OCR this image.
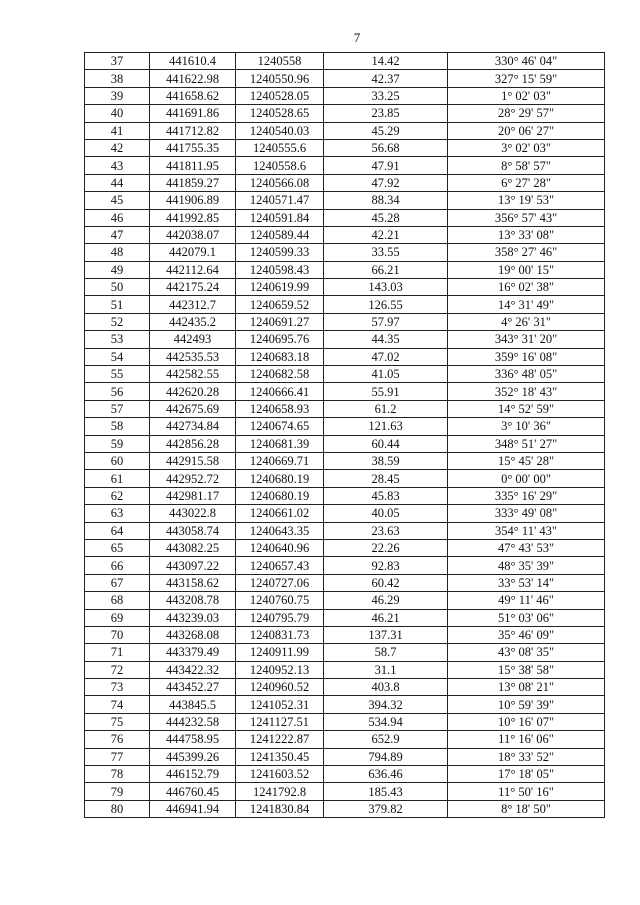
7
37	441610.4	1240558	14.42	330° 46' 04"
38	441622.98	1240550.96	42.37	327° 15' 59"
39	441658.62	1240528.05	33.25	1° 02' 03"
40	441691.86	1240528.65	23.85	28° 29' 57"
41	441712.82	1240540.03	45.29	20° 06' 27"
42	441755.35	1240555.6	56.68	3° 02' 03"
43	441811.95	1240558.6	47.91	8° 58' 57"
44	441859.27	1240566.08	47.92	6° 27' 28"
45	441906.89	1240571.47	88.34	13° 19' 53"
46	441992.85	1240591.84	45.28	356° 57' 43"
47	442038.07	1240589.44	42.21	13° 33' 08"
48	442079.1	1240599.33	33.55	358° 27' 46"
49	442112.64	1240598.43	66.21	19° 00' 15"
50	442175.24	1240619.99	143.03	16° 02' 38"
51	442312.7	1240659.52	126.55	14° 31' 49"
52	442435.2	1240691.27	57.97	4° 26' 31"
53	442493	1240695.76	44.35	343° 31' 20"
54	442535.53	1240683.18	47.02	359° 16' 08"
55	442582.55	1240682.58	41.05	336° 48' 05"
56	442620.28	1240666.41	55.91	352° 18' 43"
57	442675.69	1240658.93	61.2	14° 52' 59"
58	442734.84	1240674.65	121.63	3° 10' 36"
59	442856.28	1240681.39	60.44	348° 51' 27"
60	442915.58	1240669.71	38.59	15° 45' 28"
61	442952.72	1240680.19	28.45	0° 00' 00"
62	442981.17	1240680.19	45.83	335° 16' 29"
63	443022.8	1240661.02	40.05	333° 49' 08"
64	443058.74	1240643.35	23.63	354° 11' 43"
65	443082.25	1240640.96	22.26	47° 43' 53"
66	443097.22	1240657.43	92.83	48° 35' 39"
67	443158.62	1240727.06	60.42	33° 53' 14"
68	443208.78	1240760.75	46.29	49° 11' 46"
69	443239.03	1240795.79	46.21	51° 03' 06"
70	443268.08	1240831.73	137.31	35° 46' 09"
71	443379.49	1240911.99	58.7	43° 08' 35"
72	443422.32	1240952.13	31.1	15° 38' 58"
73	443452.27	1240960.52	403.8	13° 08' 21"
74	443845.5	1241052.31	394.32	10° 59' 39"
75	444232.58	1241127.51	534.94	10° 16' 07"
76	444758.95	1241222.87	652.9	11° 16' 06"
77	445399.26	1241350.45	794.89	18° 33' 52"
78	446152.79	1241603.52	636.46	17° 18' 05"
79	446760.45	1241792.8	185.43	11° 50' 16"
80	446941.94	1241830.84	379.82	8° 18' 50"
